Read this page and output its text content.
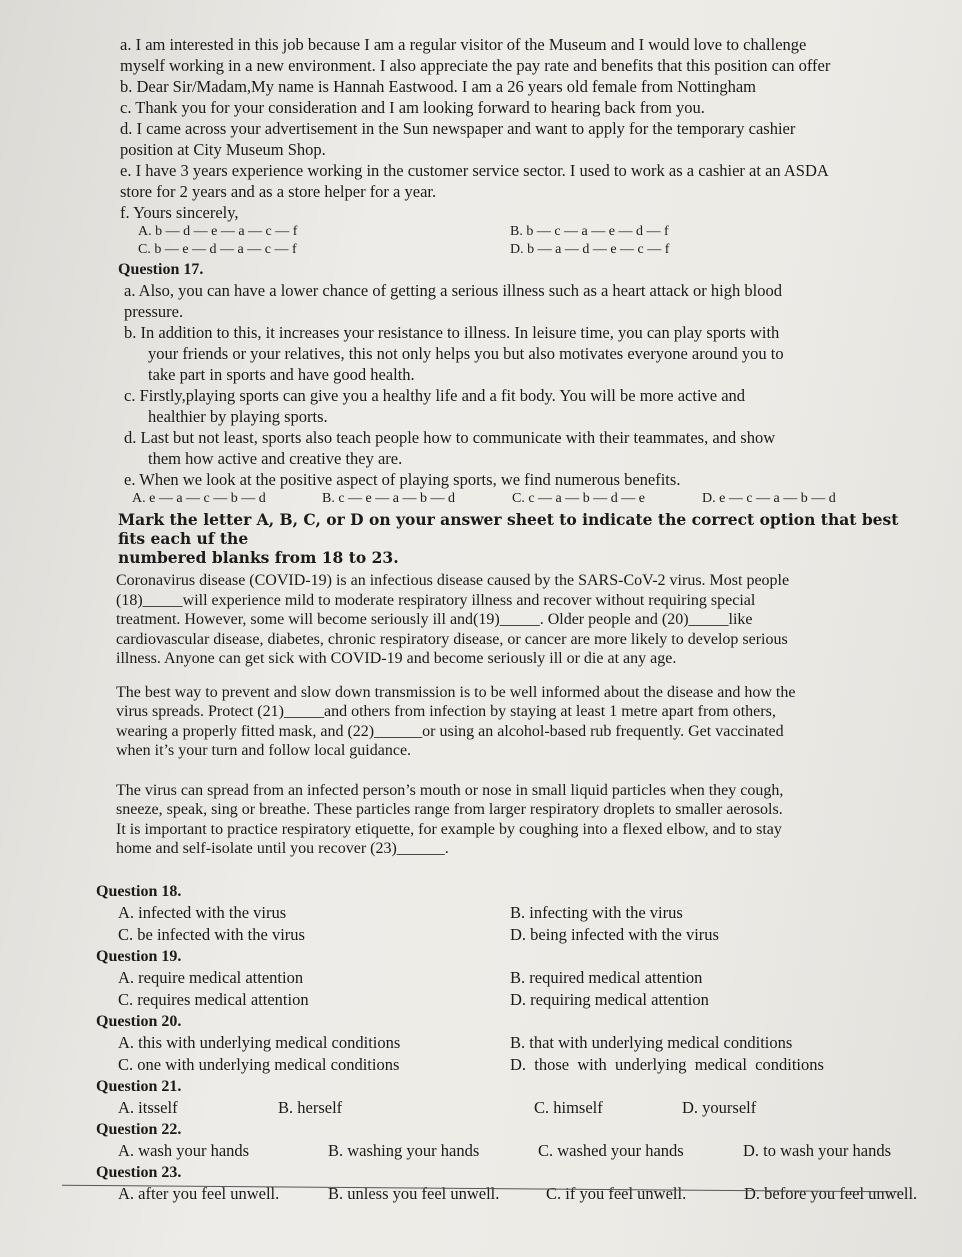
a. I am interested in this job because I am a regular visitor of the Museum and I would love to challenge

myself working in a new environment. I also appreciate the pay rate and benefits that this position can offer

b. Dear Sir/Madam,My name is Hannah Eastwood. I am a 26 years old female from Nottingham

c. Thank you for your consideration and I am looking forward to hearing back from you.

d. I came across your advertisement in the Sun newspaper and want to apply for the temporary cashier

position at City Museum Shop.

e. I have 3 years experience working in the customer service sector. I used to work as a cashier at an ASDA

store for 2 years and as a store helper for a year.

f. Yours sincerely,

A. b — d — e — a — c — f	B. b — c — a — e — d — f
C. b — e — d — a — c — f	D. b — a — d — e — c — f

Question 17.

a. Also, you can have a lower chance of getting a serious illness such as a heart attack or high blood

pressure.

b. In addition to this, it increases your resistance to illness. In leisure time, you can play sports with

your friends or your relatives, this not only helps you but also motivates everyone around you to

take part in sports and have good health.

c. Firstly,playing sports can give you a healthy life and a fit body. You will be more active and

healthier by playing sports.

d. Last but not least, sports also teach people how to communicate with their teammates, and show

them how active and creative they are.

e. When we look at the positive aspect of playing sports, we find numerous benefits.

A. e — a — c — b — d	B. c — e — a — b — d	C. c — a — b — d — e	D. e — c — a — b — d

Mark the letter A, B, C, or D on your answer sheet to indicate the correct option that best fits each uf the

numbered blanks from 18 to 23.

Coronavirus disease (COVID-19) is an infectious disease caused by the SARS-CoV-2 virus. Most people

(18)_____will experience mild to moderate respiratory illness and recover without requiring special

treatment. However, some will become seriously ill and(19)_____. Older people and (20)_____like

cardiovascular disease, diabetes, chronic respiratory disease, or cancer are more likely to develop serious

illness. Anyone can get sick with COVID-19 and become seriously ill or die at any age.

The best way to prevent and slow down transmission is to be well informed about the disease and how the

virus spreads. Protect (21)_____and others from infection by staying at least 1 metre apart from others,

wearing a properly fitted mask, and (22)______or using an alcohol-based rub frequently. Get vaccinated

when it’s your turn and follow local guidance.

The virus can spread from an infected person’s mouth or nose in small liquid particles when they cough,

sneeze, speak, sing or breathe. These particles range from larger respiratory droplets to smaller aerosols.

It is important to practice respiratory etiquette, for example by coughing into a flexed elbow, and to stay

home and self-isolate until you recover (23)______.

Question 18.

A. infected with the virus	B. infecting with the virus
C. be infected with the virus	D. being infected with the virus

Question 19.

A. require medical attention	B. required medical attention
C. requires medical attention	D. requiring medical attention

Question 20.

A. this with underlying medical conditions	B. that with underlying medical conditions
C. one with underlying medical conditions	D.  those  with  underlying  medical  conditions

Question 21.

A. itsself	B. herself	C. himself	D. yourself

Question 22.

A. wash your hands	B. washing your hands	C. washed your hands	D. to wash your hands

Question 23.

A. after you feel unwell.	B. unless you feel unwell.	C. if you feel unwell.	D. before you feel unwell.
